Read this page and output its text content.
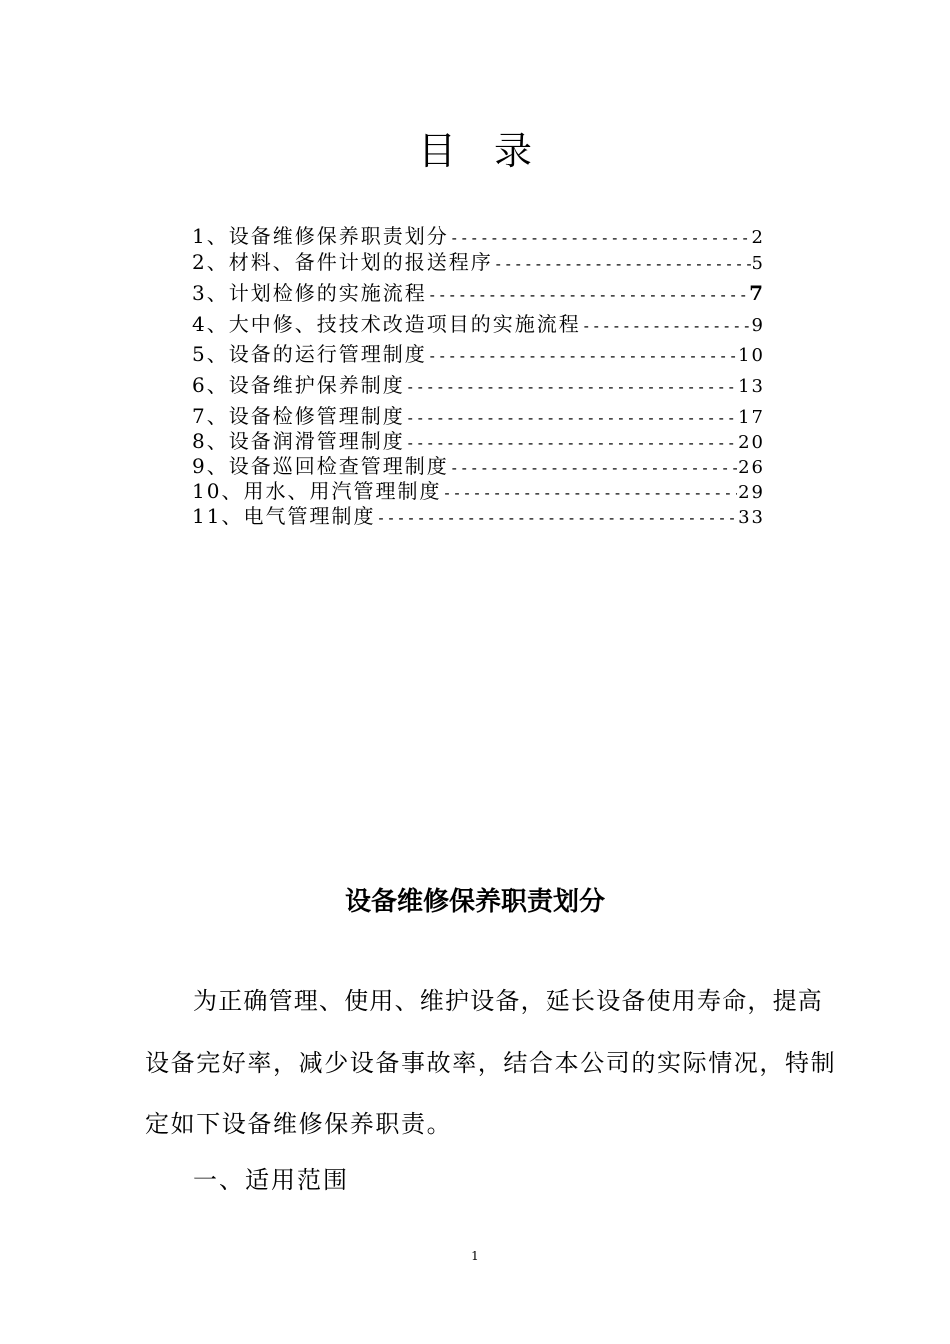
目录
1、设备维修保养职责划分 -----	2
2、材料、备件计划的报送程序 -----	5
3、计划检修的实施流程 -----	7
4、大中修、技技术改造项目的实施流程 -----	9
5、设备的运行管理制度 -----	10
6、设备维护保养制度 -----	13
7、设备检修管理制度 -----	17
8、设备润滑管理制度 -----	20
9、设备巡回检查管理制度 -----	26
10、用水、用汽管理制度 -----	29
11、电气管理制度 -----	33
设备维修保养职责划分
为正确管理、使用、维护设备，延长设备使用寿命，提高
设备完好率，减少设备事故率，结合本公司的实际情况，特制
定如下设备维修保养职责。
一、适用范围
1
